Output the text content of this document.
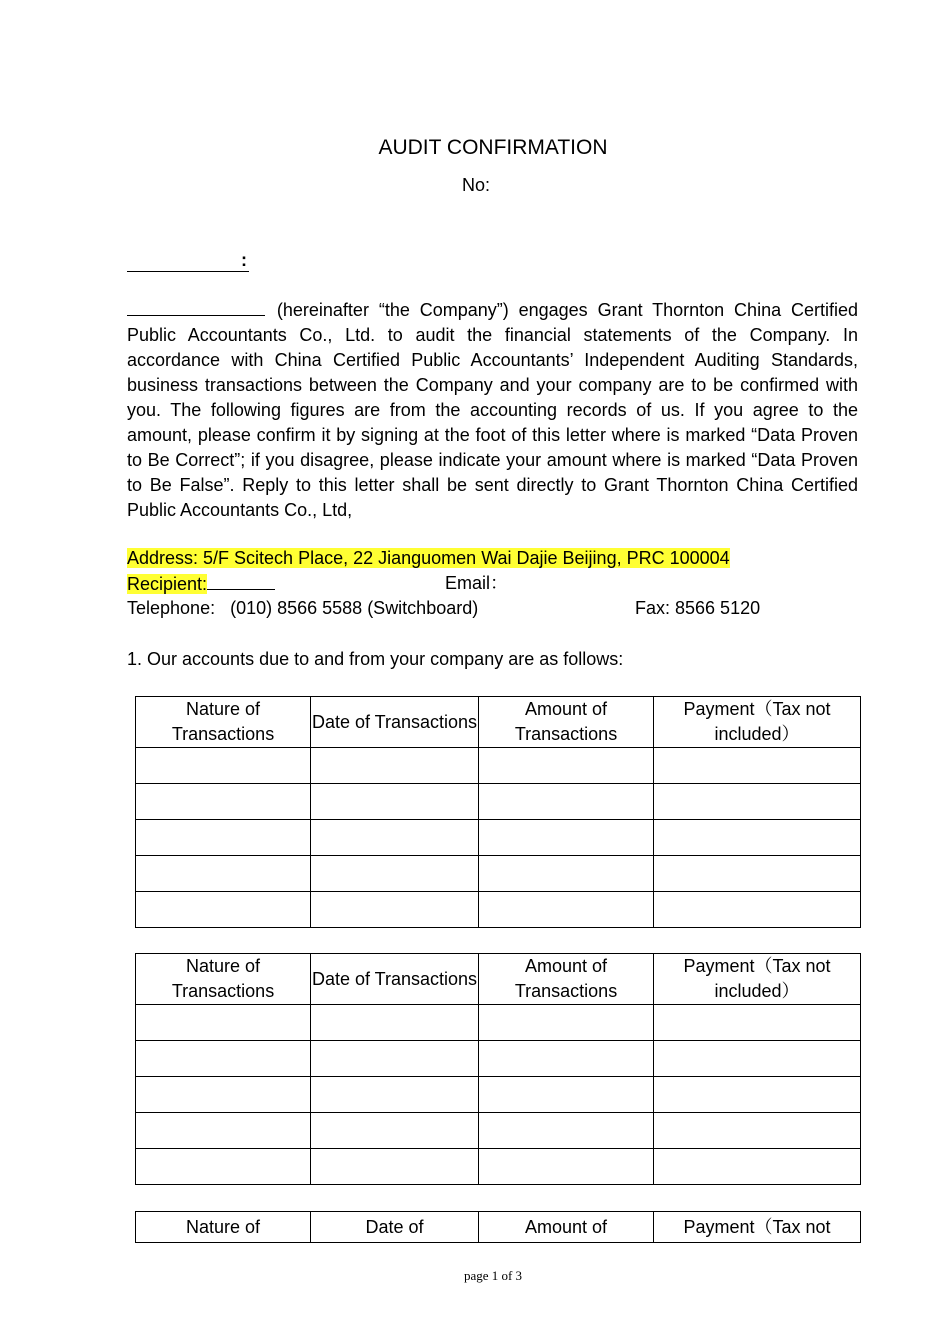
AUDIT CONFIRMATION
No:
:
(hereinafter “the Company”) engages Grant Thornton China Certified Public Accountants Co., Ltd. to audit the financial statements of the Company. In accordance with China Certified Public Accountants’ Independent Auditing Standards, business transactions between the Company and your company are to be confirmed with you. The following figures are from the accounting records of us. If you agree to the amount, please confirm it by signing at the foot of this letter where is marked “Data Proven to Be Correct”; if you disagree, please indicate your amount where is marked “Data Proven to Be False”. Reply to this letter shall be sent directly to Grant Thornton China Certified Public Accountants Co., Ltd,
Address: 5/F Scitech Place, 22 Jianguomen Wai Dajie Beijing, PRC 100004
Recipient:	Email：
Telephone:   (010) 8566 5588 (Switchboard)	Fax: 8566 5120
1. Our accounts due to and from your company are as follows:
Nature of Transactions	Date of Transactions	Amount of Transactions	Payment（Tax not included）

Nature of Transactions	Date of Transactions	Amount of Transactions	Payment（Tax not included）

Nature of	Date of	Amount of	Payment（Tax not
page 1 of 3
